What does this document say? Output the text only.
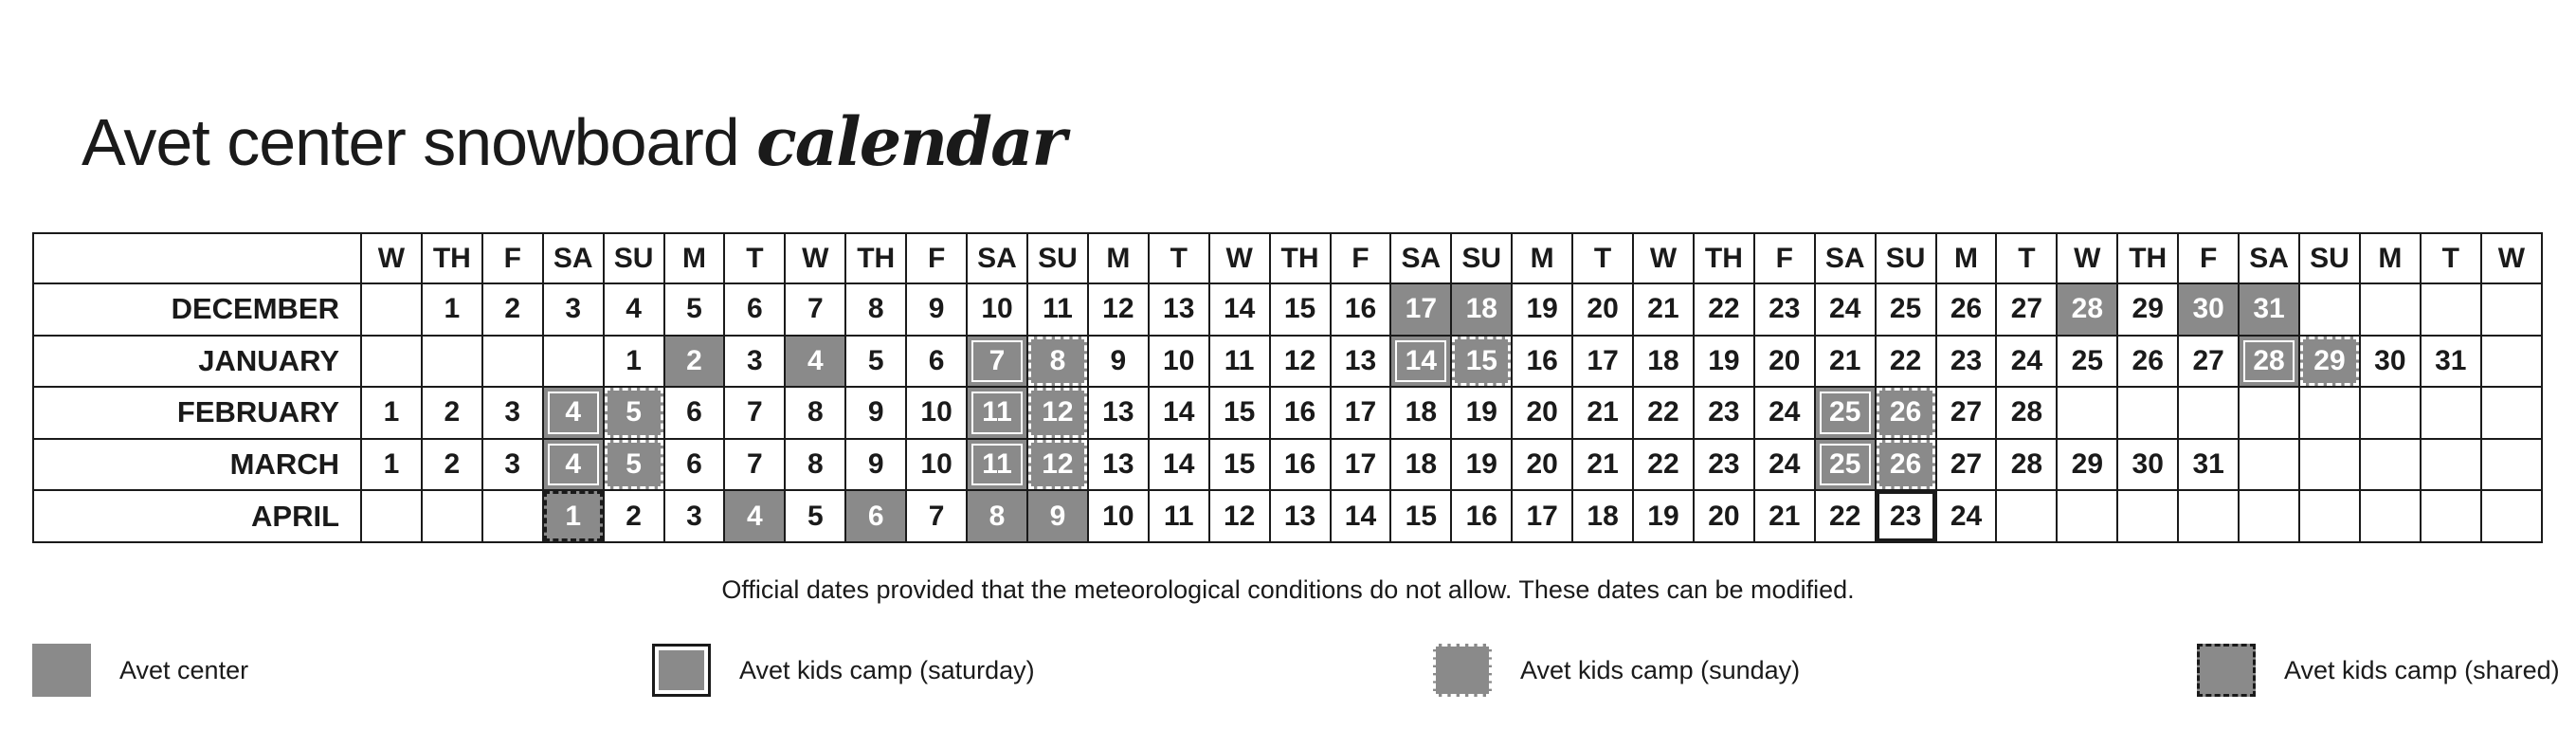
Avet center snowboard calendar
	W	TH	F	SA	SU	M	T	W	TH	F	SA	SU	M	T	W	TH	F	SA	SU	M	T	W	TH	F	SA	SU	M	T	W	TH	F	SA	SU	M	T	W
DECEMBER		1	2	3	4	5	6	7	8	9	10	11	12	13	14	15	16	17	18	19	20	21	22	23	24	25	26	27	28	29	30	31				

JANUARY					1	2	3	4	5	6	7	8	9	10	11	12	13	14	15	16	17	18	19	20	21	22	23	24	25	26	27	28	29	30	31	

FEBRUARY	1	2	3	4	5	6	7	8	9	10	11	12	13	14	15	16	17	18	19	20	21	22	23	24	25	26	27	28								

MARCH	1	2	3	4	5	6	7	8	9	10	11	12	13	14	15	16	17	18	19	20	21	22	23	24	25	26	27	28	29	30	31					

APRIL				1	2	3	4	5	6	7	8	9	10	11	12	13	14	15	16	17	18	19	20	21	22	23	24									

Official dates provided that the meteorological conditions do not allow. These dates can be modified.
Avet center	Avet kids camp (saturday)	Avet kids camp (sunday)	Avet kids camp (shared)
